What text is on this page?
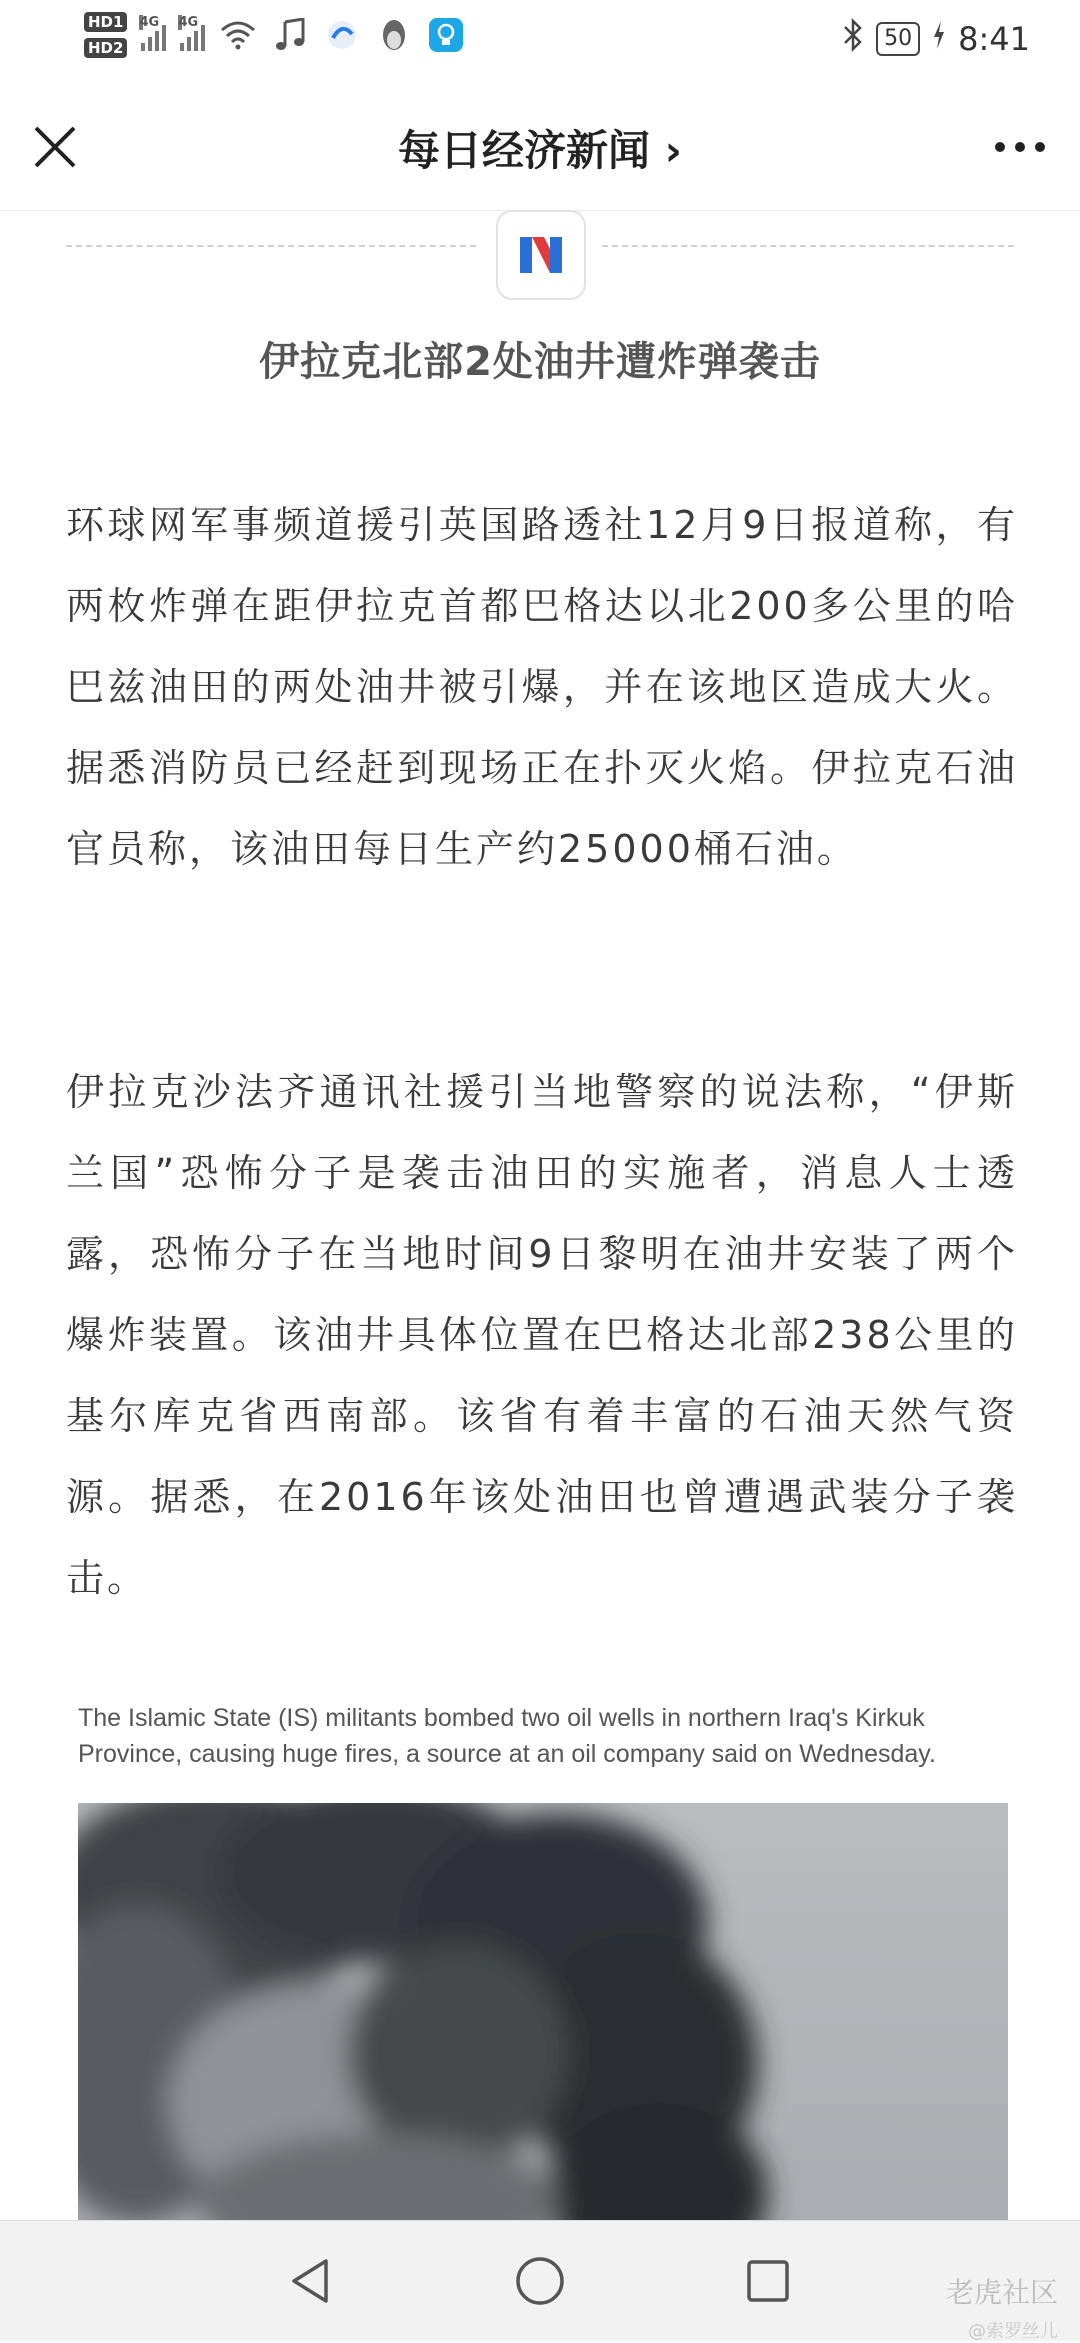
HD1
HD2
4G 4G
50 8:41
每日经济新闻 ›
伊拉克北部2处油井遭炸弹袭击

环球网军事频道援引英国路透社12月9日报道称，有两枚炸弹在距伊拉克首都巴格达以北200多公里的哈巴兹油田的两处油井被引爆，并在该地区造成大火。据悉消防员已经赶到现场正在扑灭火焰。伊拉克石油官员称，该油田每日生产约25000桶石油。

伊拉克沙法齐通讯社援引当地警察的说法称，“伊斯兰国”恐怖分子是袭击油田的实施者，消息人士透露，恐怖分子在当地时间9日黎明在油井安装了两个爆炸装置。该油井具体位置在巴格达北部238公里的基尔库克省西南部。该省有着丰富的石油天然气资源。据悉，在2016年该处油田也曾遭遇武装分子袭击。

The Islamic State (IS) militants bombed two oil wells in northern Iraq's Kirkuk Province, causing huge fires, a source at an oil company said on Wednesday.

老虎社区
@索罗丝儿
